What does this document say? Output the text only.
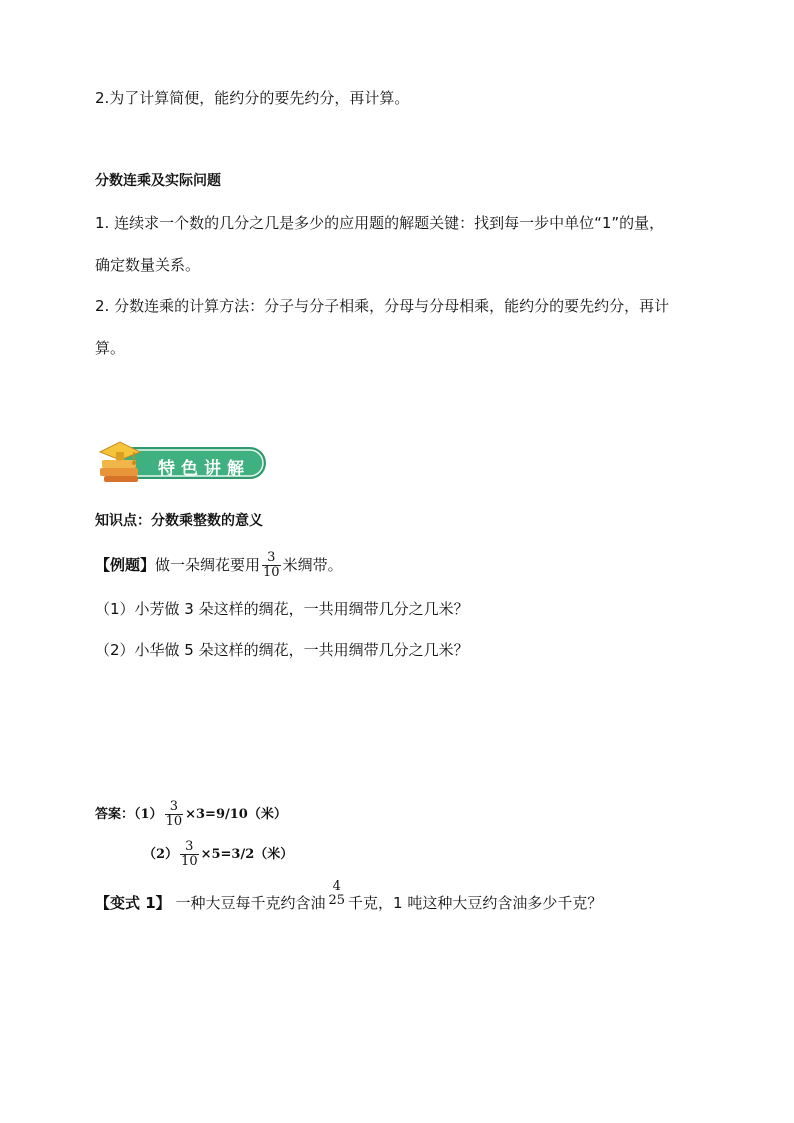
2.为了计算简便，能约分的要先约分，再计算。
分数连乘及实际问题
1. 连续求一个数的几分之几是多少的应用题的解题关键：找到每一步中单位“1”的量，
确定数量关系。
2. 分数连乘的计算方法：分子与分子相乘，分母与分母相乘，能约分的要先约分，再计
算。
特色讲解
知识点：分数乘整数的意义
【例题】做一朵绸花要用 $\frac{3}{10}$ 米绸带。
（1）小芳做 3 朵这样的绸花，一共用绸带几分之几米？
（2）小华做 5 朵这样的绸花，一共用绸带几分之几米？
答案：$(1) \frac{3}{10} \times 3=9/10$（米）
$(2) \frac{3}{10} \times 5=3/2$（米）
【变式 1】 一种大豆每千克约含油
4
25 千克，1 吨这种大豆约含油多少千克？
